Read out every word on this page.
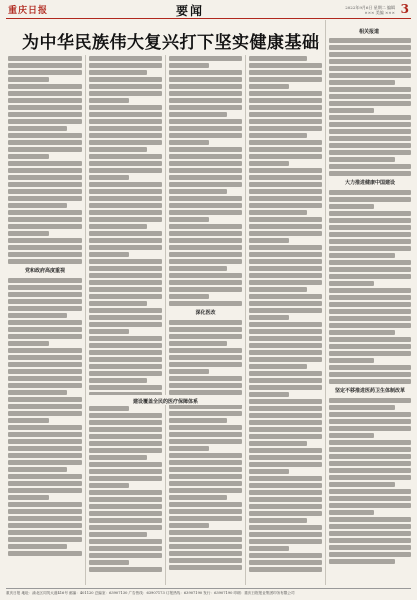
重庆日报	要闻	2022年9月6日 星期二 编辑 ××× 美编 ××× 3
为中华民族伟大复兴打下坚实健康基础
相关报道
党和政府高度重视
深化医改
大力推进健康中国建设
坚定不移推进医药卫生体制改革
建设覆盖全民的医疗保障体系
重庆日报 地址：渝北区同茂大道416号 邮编：401120 总编室：63907130 广告热线：63907173 订报热线：63907190 发行：63907190 印刷：重庆日报报业集团印务有限公司
